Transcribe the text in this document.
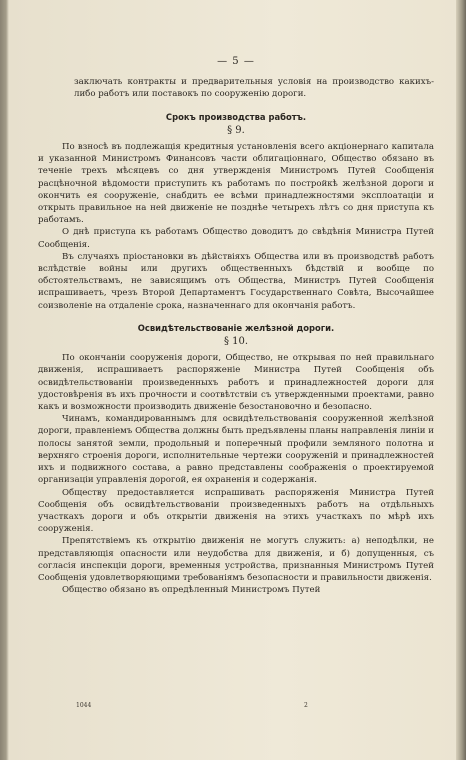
— 5 —

заключать контракты и предварительныя условія на производство какихъ-либо работъ или поставокъ по сооруженію дороги.

Срокъ производства работъ.
§ 9.

По взносѣ въ подлежащія кредитныя установленія всего акціонернаго капитала и указанной Министромъ Финансовъ части облигаціоннаго, Общество обязано въ теченіе трехъ мѣсяцевъ со дня утвержденія Министромъ Путей Сообщенія расцѣночной вѣдомости приступить къ работамъ по постройкѣ желѣзной дороги и окончить ея сооруженіе, снабдить ее всѣми принадлежностями эксплоатаціи и открыть правильное на ней движеніе не позднѣе четырехъ лѣтъ со дня приступа къ работамъ.

О днѣ приступа къ работамъ Общество доводитъ до свѣдѣнія Министра Путей Сообщенія.

Въ случаяхъ пріостановки въ дѣйствіяхъ Общества или въ производствѣ работъ вслѣдствіе войны или другихъ общественныхъ бѣдствій и вообще по обстоятельствамъ, не зависящимъ отъ Общества, Министръ Путей Сообщенія испрашиваетъ, чрезъ Второй Департаментъ Государственнаго Совѣта, Высочайшее соизволеніе на отдаленіе срока, назначеннаго для окончанія работъ.

Освидѣтельствованіе желѣзной дороги.
§ 10.

По окончаніи сооруженія дороги, Общество, не открывая по ней правильнаго движенія, испрашиваетъ распоряженіе Министра Путей Сообщенія объ освидѣтельствованіи произведенныхъ работъ и принадлежностей дороги для удостовѣренія въ ихъ прочности и соотвѣтствіи съ утвержденными проектами, равно какъ и возможности производить движеніе безостановочно и безопасно.

Чинамъ, командированнымъ для освидѣтельствованія сооруженной желѣзной дороги, правленіемъ Общества должны быть предъявлены планы направленія линіи и полосы занятой земли, продольный и поперечный профили земляного полотна и верхняго строенія дороги, исполнительные чертежи сооруженій и принадлежностей ихъ и подвижного состава, а равно представлены соображенія о проектируемой организаціи управленія дорогой, ея охраненія и содержанія.

Обществу предоставляется испрашивать распоряженія Министра Путей Сообщенія объ освидѣтельствованіи произведенныхъ работъ на отдѣльныхъ участкахъ дороги и объ открытіи движенія на этихъ участкахъ по мѣрѣ ихъ сооруженія.

Препятствіемъ къ открытію движенія не могутъ служить: а) неподѣлки, не представляющія опасности или неудобства для движенія, и б) допущенныя, съ согласія инспекціи дороги, временныя устройства, признанныя Министромъ Путей Сообщенія удовлетворяющими требованіямъ безопасности и правильности движенія.

Общество обязано въ опредѣленный Министромъ Путей

1044	2
